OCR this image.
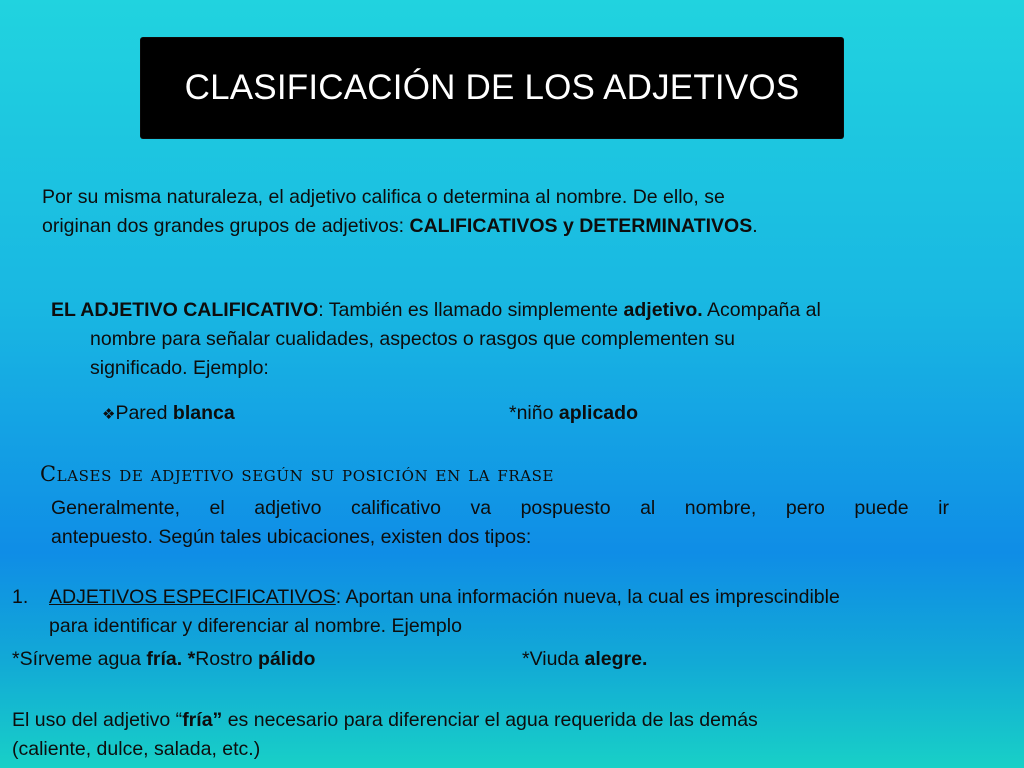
CLASIFICACIÓN DE LOS ADJETIVOS
Por su misma naturaleza, el adjetivo califica o determina al nombre. De ello, se
originan dos grandes grupos de adjetivos: CALIFICATIVOS y DETERMINATIVOS.
EL ADJETIVO CALIFICATIVO: También es llamado simplemente adjetivo. Acompaña al
nombre para señalar cualidades, aspectos o rasgos que complementen su
significado. Ejemplo:
❖Pared blanca	*niño aplicado
Clases de adjetivo según su posición en la frase
Generalmente, el adjetivo calificativo va pospuesto al nombre, pero puede ir
antepuesto. Según tales ubicaciones, existen dos tipos:
1.	ADJETIVOS ESPECIFICATIVOS: Aportan una información nueva, la cual es imprescindible
para identificar y diferenciar al nombre. Ejemplo
*Sírveme agua fría. *Rostro pálido	*Viuda alegre.
El uso del adjetivo “fría” es necesario para diferenciar el agua requerida de las demás
(caliente, dulce, salada, etc.)
